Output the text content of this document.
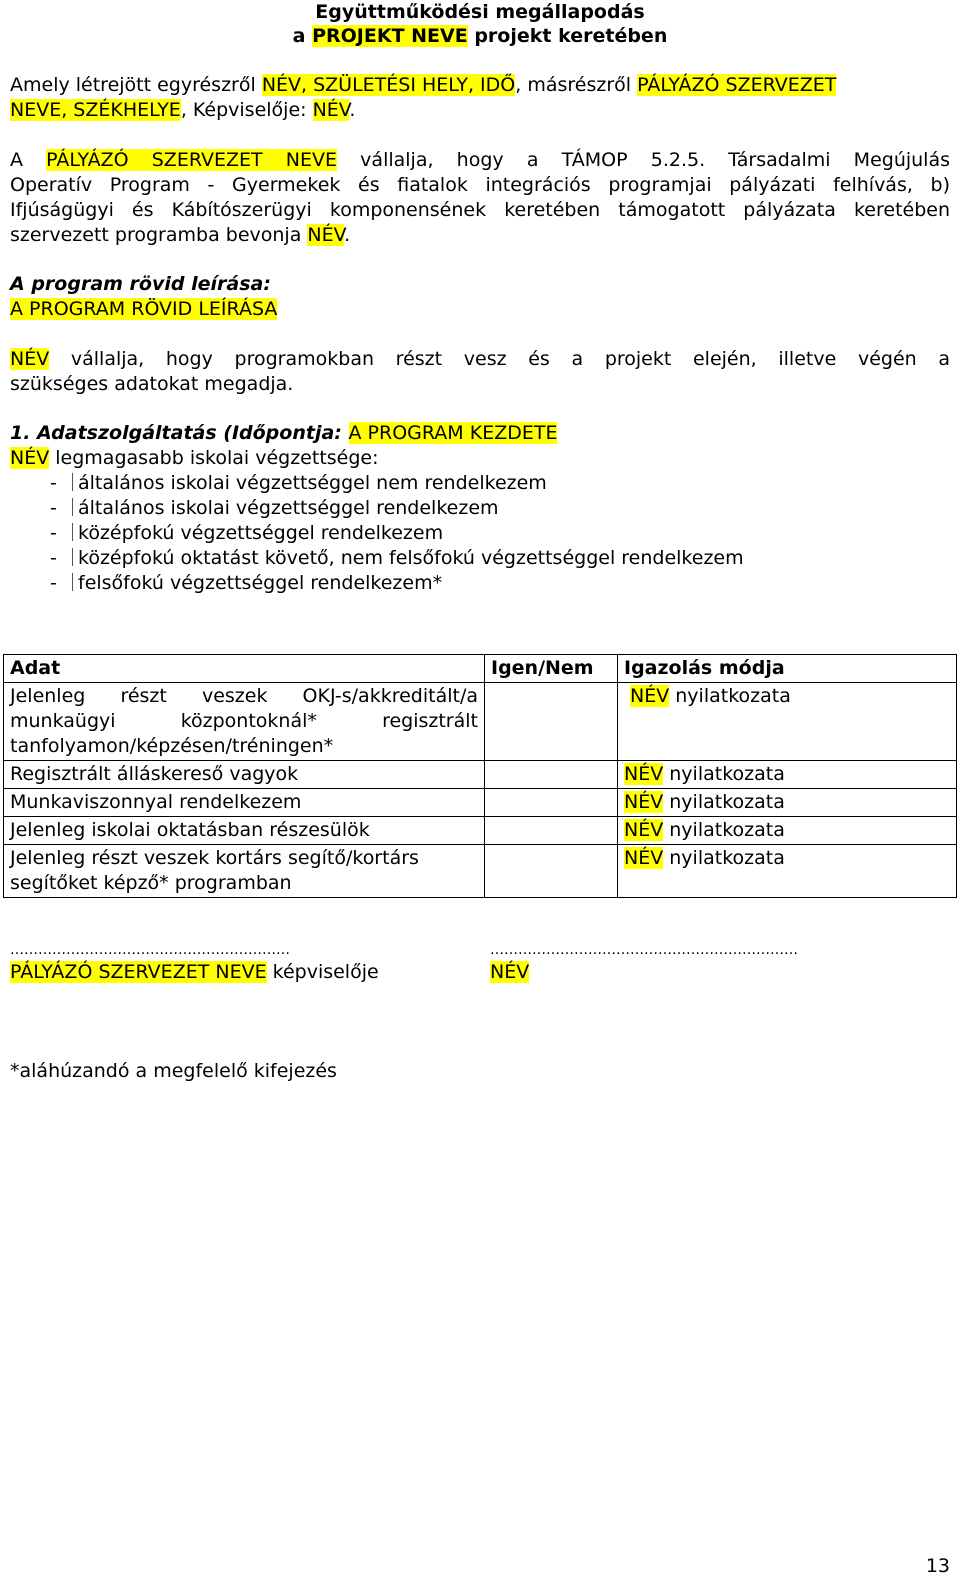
Együttműködési megállapodás
a PROJEKT NEVE projekt keretében
Amely létrejött egyrészről NÉV, SZÜLETÉSI HELY, IDŐ, másrészről PÁLYÁZÓ SZERVEZET
NEVE, SZÉKHELYE, Képviselője: NÉV.
A PÁLYÁZÓ SZERVEZET NEVE vállalja, hogy a TÁMOP 5.2.5. Társadalmi Megújulás
Operatív Program - Gyermekek és fiatalok integrációs programjai pályázati felhívás, b)
Ifjúságügyi és Kábítószerügyi komponensének keretében támogatott pályázata keretében
szervezett programba bevonja NÉV.
A program rövid leírása:
A PROGRAM RÖVID LEÍRÁSA
NÉV vállalja, hogy programokban részt vesz és a projekt elején, illetve végén a
szükséges adatokat megadja.
1. Adatszolgáltatás (Időpontja: A PROGRAM KEZDETE
NÉV legmagasabb iskolai végzettsége:
- általános iskolai végzettséggel nem rendelkezem
- általános iskolai végzettséggel rendelkezem
- középfokú végzettséggel rendelkezem
- középfokú oktatást követő, nem felsőfokú végzettséggel rendelkezem
- felsőfokú végzettséggel rendelkezem*
Adat	Igen/Nem	Igazolás módja
Jelenleg részt veszek OKJ-s/akkreditált/a munkaügyi központoknál* regisztrált tanfolyamon/képzésen/tréningen*		NÉV nyilatkozata
Regisztrált álláskereső vagyok		NÉV nyilatkozata
Munkaviszonnyal rendelkezem		NÉV nyilatkozata
Jelenleg iskolai oktatásban részesülök		NÉV nyilatkozata
Jelenleg részt veszek kortárs segítő/kortárs segítőket képző* programban		NÉV nyilatkozata
……………………………………………………
PÁLYÁZÓ SZERVEZET NEVE képviselője
…………………………………………………………
NÉV
*aláhúzandó a megfelelő kifejezés
13
